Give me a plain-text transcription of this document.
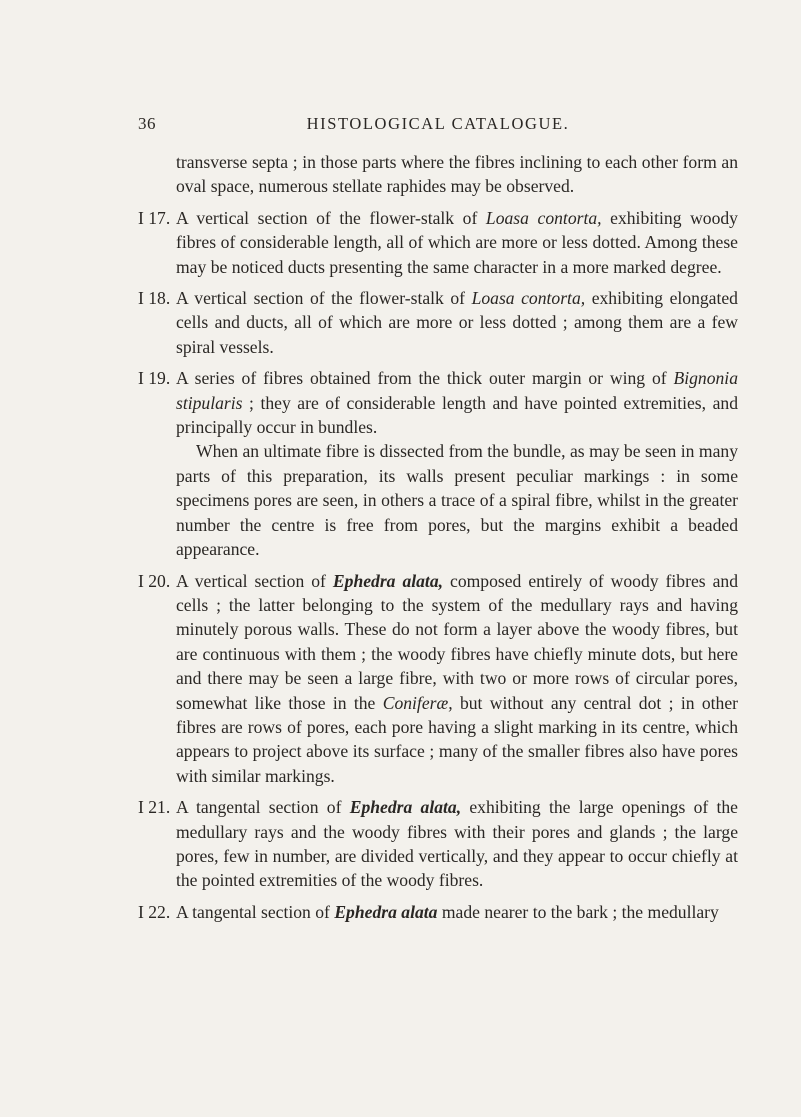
36	HISTOLOGICAL CATALOGUE.

transverse septa ; in those parts where the fibres inclining to each other form an oval space, numerous stellate raphides may be observed.

I 17. A vertical section of the flower-stalk of Loasa contorta, exhibiting woody fibres of considerable length, all of which are more or less dotted. Among these may be noticed ducts presenting the same character in a more marked degree.

I 18. A vertical section of the flower-stalk of Loasa contorta, exhibiting elongated cells and ducts, all of which are more or less dotted ; among them are a few spiral vessels.

I 19. A series of fibres obtained from the thick outer margin or wing of Bignonia stipularis ; they are of considerable length and have pointed extremities, and principally occur in bundles.

When an ultimate fibre is dissected from the bundle, as may be seen in many parts of this preparation, its walls present peculiar markings : in some specimens pores are seen, in others a trace of a spiral fibre, whilst in the greater number the centre is free from pores, but the margins exhibit a beaded appearance.

I 20. A vertical section of Ephedra alata, composed entirely of woody fibres and cells ; the latter belonging to the system of the medullary rays and having minutely porous walls. These do not form a layer above the woody fibres, but are continuous with them ; the woody fibres have chiefly minute dots, but here and there may be seen a large fibre, with two or more rows of circular pores, somewhat like those in the Coniferæ, but without any central dot ; in other fibres are rows of pores, each pore having a slight marking in its centre, which appears to project above its surface ; many of the smaller fibres also have pores with similar markings.

I 21. A tangental section of Ephedra alata, exhibiting the large openings of the medullary rays and the woody fibres with their pores and glands ; the large pores, few in number, are divided vertically, and they appear to occur chiefly at the pointed extremities of the woody fibres.

I 22. A tangental section of Ephedra alata made nearer to the bark ; the medullary
